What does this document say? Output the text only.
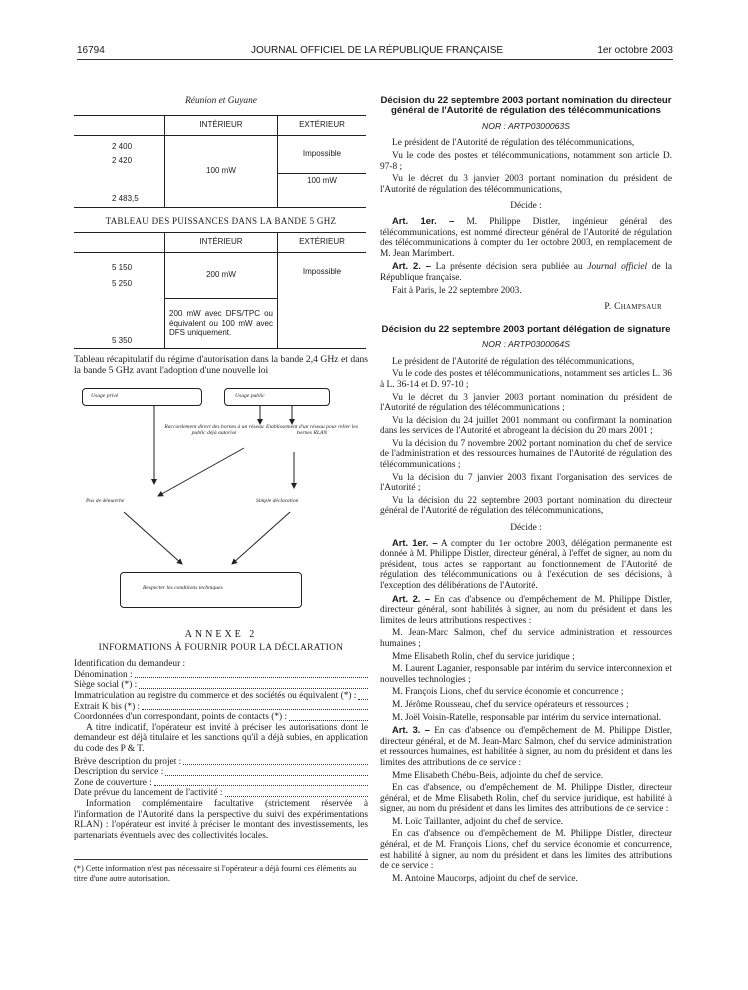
16794	JOURNAL OFFICIEL DE LA RÉPUBLIQUE FRANÇAISE	1er octobre 2003
Réunion et Guyane
	INTÉRIEUR	EXTÉRIEUR

2 400
2 420	100 mW	Impossible
2 483,5		100 mW
TABLEAU DES PUISSANCES DANS LA BANDE 5 GHZ
	INTÉRIEUR	EXTÉRIEUR

5 150
5 250	200 mW	Impossible
5 350	200 mW avec DFS/TPC ou équivalent ou 100 mW avec DFS uniquement.	
Tableau récapitulatif du régime d'autorisation dans la bande 2,4 GHz et dans la bande 5 GHz avant l'adoption d'une nouvelle loi
Usage privé	Usage public
Raccordement direct des bornes à un réseau public déjà autorisé
Etablissement d'un réseau pour relier les bornes RLAN
Pas de démarche	Simple déclaration
Respecter les conditions techniques
ANNEXE 2
INFORMATIONS À FOURNIR POUR LA DÉCLARATION
Identification du demandeur :
Dénomination :
Siège social (*) :
Immatriculation au registre du commerce et des sociétés ou équivalent (*) :
Extrait K bis (*) :
Coordonnées d'un correspondant, points de contacts (*) :

A titre indicatif, l'opérateur est invité à préciser les autorisations dont le demandeur est déjà titulaire et les sanctions qu'il a déjà subies, en application du code des P & T.

Brève description du projet :
Description du service :
Zone de couverture :
Date prévue du lancement de l'activité :

Information complémentaire facultative (strictement réservée à l'information de l'Autorité dans la perspective du suivi des expérimentations RLAN) : l'opérateur est invité à préciser le montant des investissements, les partenariats éventuels avec des collectivités locales.

(*) Cette information n'est pas nécessaire si l'opérateur a déjà fourni ces éléments au titre d'une autre autorisation.
Décision du 22 septembre 2003 portant nomination du directeur général de l'Autorité de régulation des télécommunications
NOR : ARTP0300063S

Le président de l'Autorité de régulation des télécommunications,

Vu le code des postes et télécommunications, notamment son article D. 97-8 ;

Vu le décret du 3 janvier 2003 portant nomination du président de l'Autorité de régulation des télécommunications,

Décide :

Art. 1er. – M. Philippe Distler, ingénieur général des télécommunications, est nommé directeur général de l'Autorité de régulation des télécommunications à compter du 1er octobre 2003, en remplacement de M. Jean Marimbert.

Art. 2. – La présente décision sera publiée au Journal officiel de la République française.

Fait à Paris, le 22 septembre 2003.

P. Champsaur
Décision du 22 septembre 2003 portant délégation de signature
NOR : ARTP0300064S

Le président de l'Autorité de régulation des télécommunications,

Vu le code des postes et télécommunications, notamment ses articles L. 36 à L. 36-14 et D. 97-10 ;

Vu le décret du 3 janvier 2003 portant nomination du président de l'Autorité de régulation des télécommunications ;

Vu la décision du 24 juillet 2001 nommant ou confirmant la nomination dans les services de l'Autorité et abrogeant la décision du 20 mars 2001 ;

Vu la décision du 7 novembre 2002 portant nomination du chef de service de l'administration et des ressources humaines de l'Autorité de régulation des télécommunications ;

Vu la décision du 7 janvier 2003 fixant l'organisation des services de l'Autorité ;

Vu la décision du 22 septembre 2003 portant nomination du directeur général de l'Autorité de régulation des télécommunications,

Décide :

Art. 1er. – A compter du 1er octobre 2003, délégation permanente est donnée à M. Philippe Distler, directeur général, à l'effet de signer, au nom du président, tous actes se rapportant au fonctionnement de l'Autorité de régulation des télécommunications ou à l'exécution de ses décisions, à l'exception des délibérations de l'Autorité.

Art. 2. – En cas d'absence ou d'empêchement de M. Philippe Distler, directeur général, sont habilités à signer, au nom du président et dans les limites de leurs attributions respectives :

M. Jean-Marc Salmon, chef du service administration et ressources humaines ;

Mme Elisabeth Rolin, chef du service juridique ;

M. Laurent Laganier, responsable par intérim du service interconnexion et nouvelles technologies ;

M. François Lions, chef du service économie et concurrence ;

M. Jérôme Rousseau, chef du service opérateurs et ressources ;

M. Joël Voisin-Ratelle, responsable par intérim du service international.

Art. 3. – En cas d'absence ou d'empêchement de M. Philippe Distler, directeur général, et de M. Jean-Marc Salmon, chef du service administration et ressources humaines, est habilitée à signer, au nom du président et dans les limites des attributions de ce service :

Mme Elisabeth Chébu-Beis, adjointe du chef de service.

En cas d'absence, ou d'empêchement de M. Philippe Distler, directeur général, et de Mme Elisabeth Rolin, chef du service juridique, est habilité à signer, au nom du président et dans les limites des attributions de ce service :

M. Loïc Taillanter, adjoint du chef de service.

En cas d'absence ou d'empêchement de M. Philippe Distler, directeur général, et de M. François Lions, chef du service économie et concurrence, est habilité à signer, au nom du président et dans les limites des attributions de ce service :

M. Antoine Maucorps, adjoint du chef de service.
